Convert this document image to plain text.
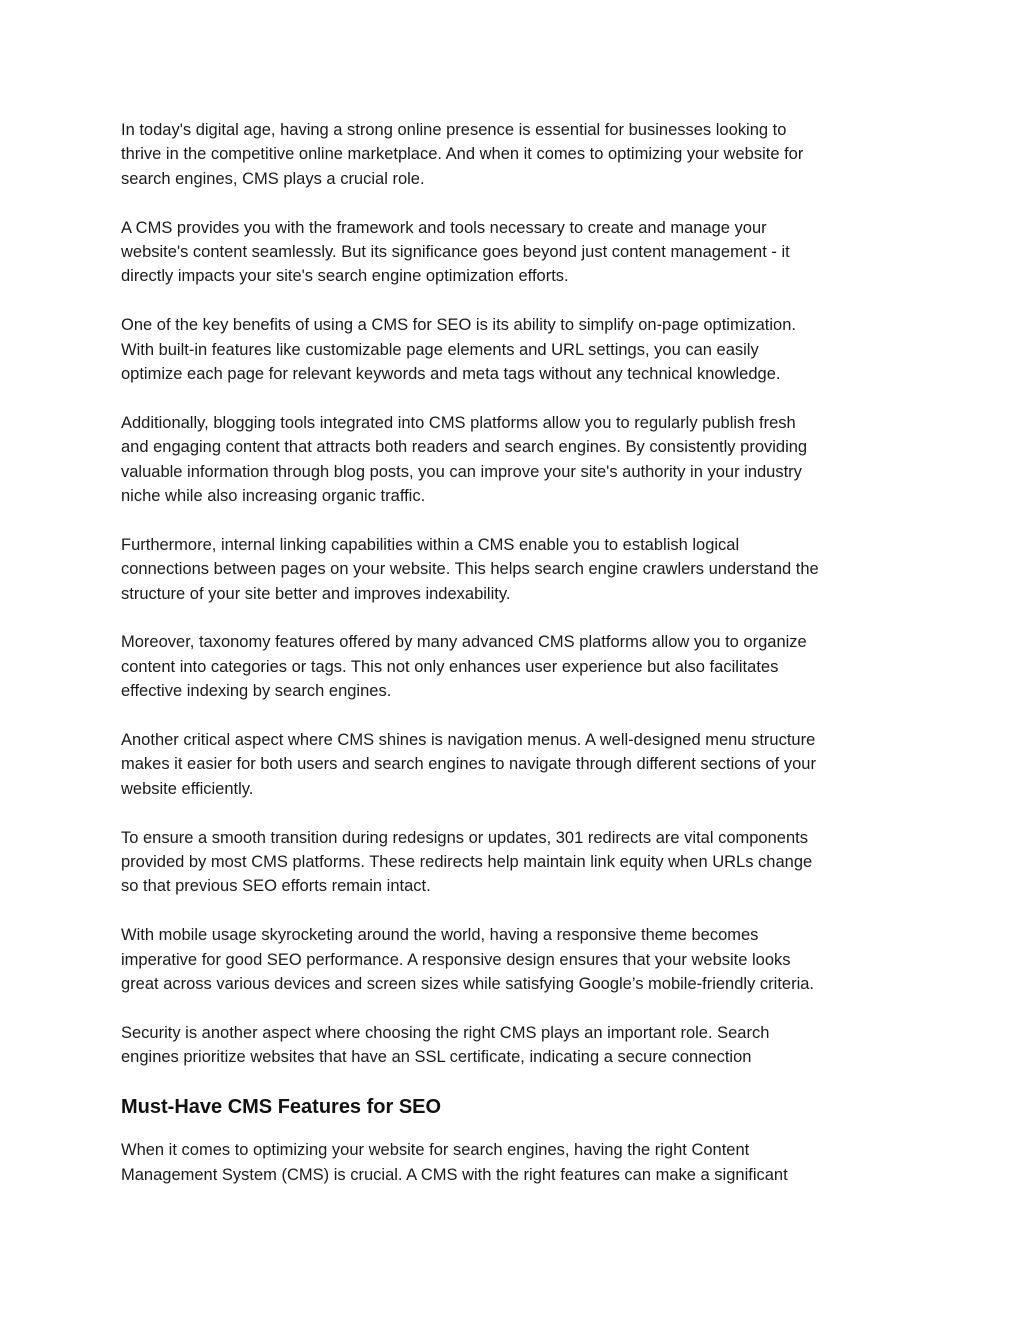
In today's digital age, having a strong online presence is essential for businesses looking to
thrive in the competitive online marketplace. And when it comes to optimizing your website for
search engines, CMS plays a crucial role.

A CMS provides you with the framework and tools necessary to create and manage your
website's content seamlessly. But its significance goes beyond just content management - it
directly impacts your site's search engine optimization efforts.

One of the key benefits of using a CMS for SEO is its ability to simplify on-page optimization.
With built-in features like customizable page elements and URL settings, you can easily
optimize each page for relevant keywords and meta tags without any technical knowledge.

Additionally, blogging tools integrated into CMS platforms allow you to regularly publish fresh
and engaging content that attracts both readers and search engines. By consistently providing
valuable information through blog posts, you can improve your site's authority in your industry
niche while also increasing organic traffic.

Furthermore, internal linking capabilities within a CMS enable you to establish logical
connections between pages on your website. This helps search engine crawlers understand the
structure of your site better and improves indexability.

Moreover, taxonomy features offered by many advanced CMS platforms allow you to organize
content into categories or tags. This not only enhances user experience but also facilitates
effective indexing by search engines.

Another critical aspect where CMS shines is navigation menus. A well-designed menu structure
makes it easier for both users and search engines to navigate through different sections of your
website efficiently.

To ensure a smooth transition during redesigns or updates, 301 redirects are vital components
provided by most CMS platforms. These redirects help maintain link equity when URLs change
so that previous SEO efforts remain intact.

With mobile usage skyrocketing around the world, having a responsive theme becomes
imperative for good SEO performance. A responsive design ensures that your website looks
great across various devices and screen sizes while satisfying Google’s mobile-friendly criteria.

Security is another aspect where choosing the right CMS plays an important role. Search
engines prioritize websites that have an SSL certificate, indicating a secure connection

Must-Have CMS Features for SEO

When it comes to optimizing your website for search engines, having the right Content
Management System (CMS) is crucial. A CMS with the right features can make a significant
